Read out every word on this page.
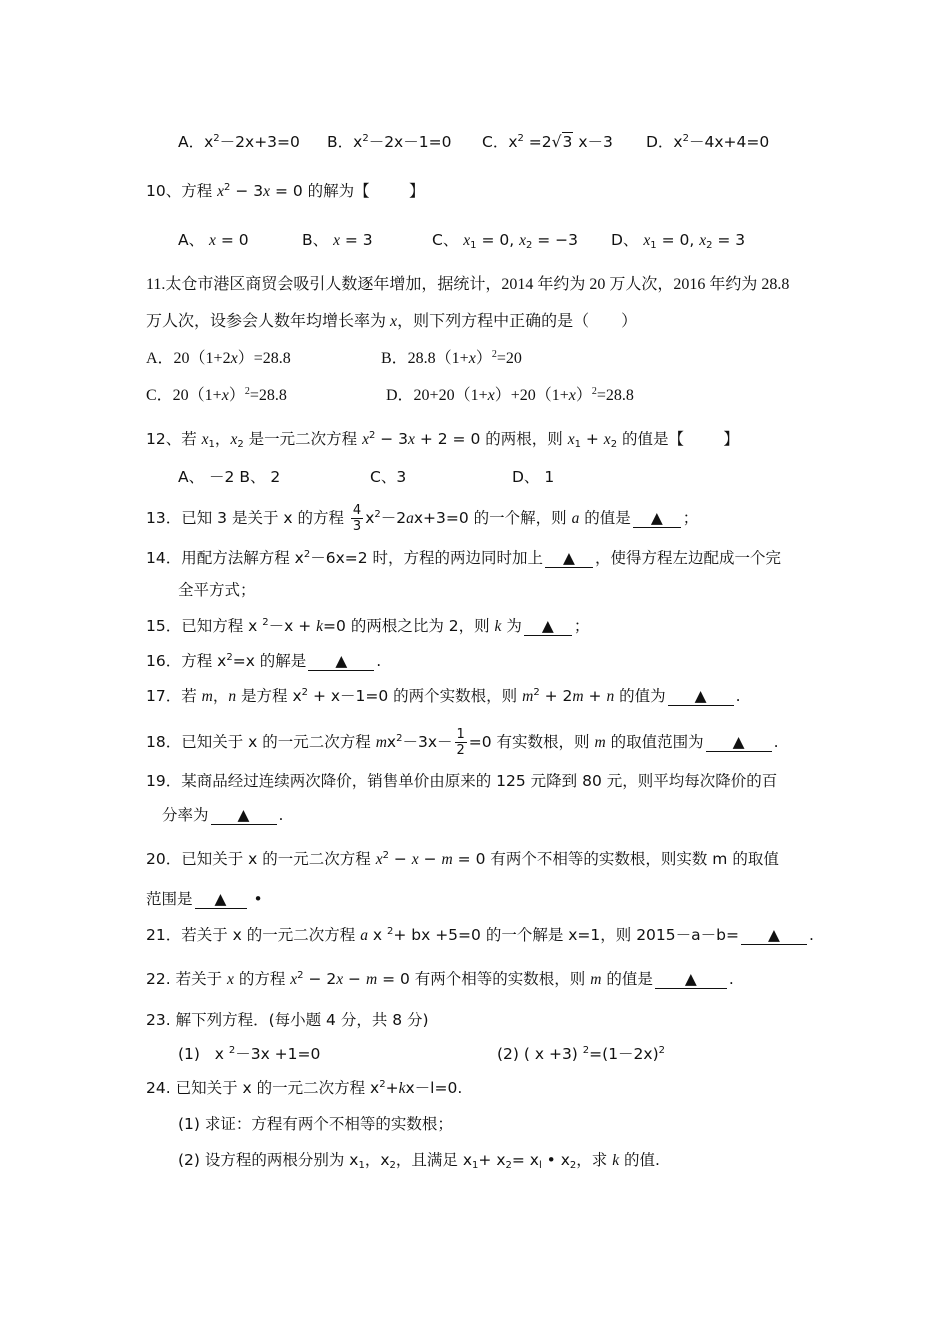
A．$x^2-2x+3=0$ B．$x^2-2x-1=0$ C．$x^2 =2√3$ x－3 D．$x^2-4x+4=0$
10、方程 $x^2 - 3x = 0$ 的解为【        】
A、 x = 0	B、 x = 3	C、 $x_1 = 0$, $x_2 = -3$ D、 $x_1 = 0$, $x_2 = 3$
11.太仓市港区商贸会吸引人数逐年增加，据统计，2014 年约为 20 万人次，2016 年约为 28.8
万人次，设参会人数年均增长率为 x，则下列方程中正确的是（        ）
A．20（1+2x）=28.8	B．$28.8(1+x)^2=20$
C．$20(1+x)^2=28.8$	D．$20+20(1+x)+20(1+x)^2=28.8$
12、若 $x_1$，$x_2$ 是一元二次方程 $x^2 - 3x + 2 = 0$ 的两根，则 $x_1 + x_2$ 的值是【        】
A、 －2 B、 2	C、3	D、 1
13．已知 3 是关于 x 的方程 $\frac{4}{3} x^2-2ax+3=0$ 的一个解，则 a 的值是 ▲ ；
14．用配方法解方程 $x^2-6x=2$ 时，方程的两边同时加上 ▲ ，使得方程左边配成一个完
全平方式；
15．已知方程 x $^2$－x + k=0 的两根之比为 2，则 k 为 ▲ ；
16．方程 $x^2=x$ 的解是 ▲ .
17．若 m，n 是方程 $x^2 + x-1=0$ 的两个实数根，则 $m^2 + 2m + n$ 的值为 ▲ .
18．已知关于 x 的一元二次方程 $mx^2-3x- \frac{1}{2} =0$ 有实数根，则 m 的取值范围为 ▲ .
19．某商品经过连续两次降价，销售单价由原来的 125 元降到 80 元，则平均每次降价的百
分率为 ▲ .
20．已知关于 x 的一元二次方程 $x^2 - x - m = 0$ 有两个不相等的实数根，则实数 m 的取值
范围是 ▲ •
21．若关于 x 的一元二次方程 a x $^2$+ bx +5=0 的一个解是 x=1，则 2015－a－b= ▲ .
22. 若关于 x 的方程 $x^2 - 2x - m = 0$ 有两个相等的实数根，则 m 的值是 ▲ .
23. 解下列方程．(每小题 4 分，共 8 分)
(1)   x $^2$－3x +1=0	(2) ( x +3) $^2=(1-2x)^2$
24. 已知关于 x 的一元二次方程 $x^2+kx-l=0$.
(1) 求证：方程有两个不相等的实数根；
(2) 设方程的两根分别为 $x_1$，$x_2$，且满足 $x_1+ x_2= x_l$ • $x_2$，求 k 的值.
